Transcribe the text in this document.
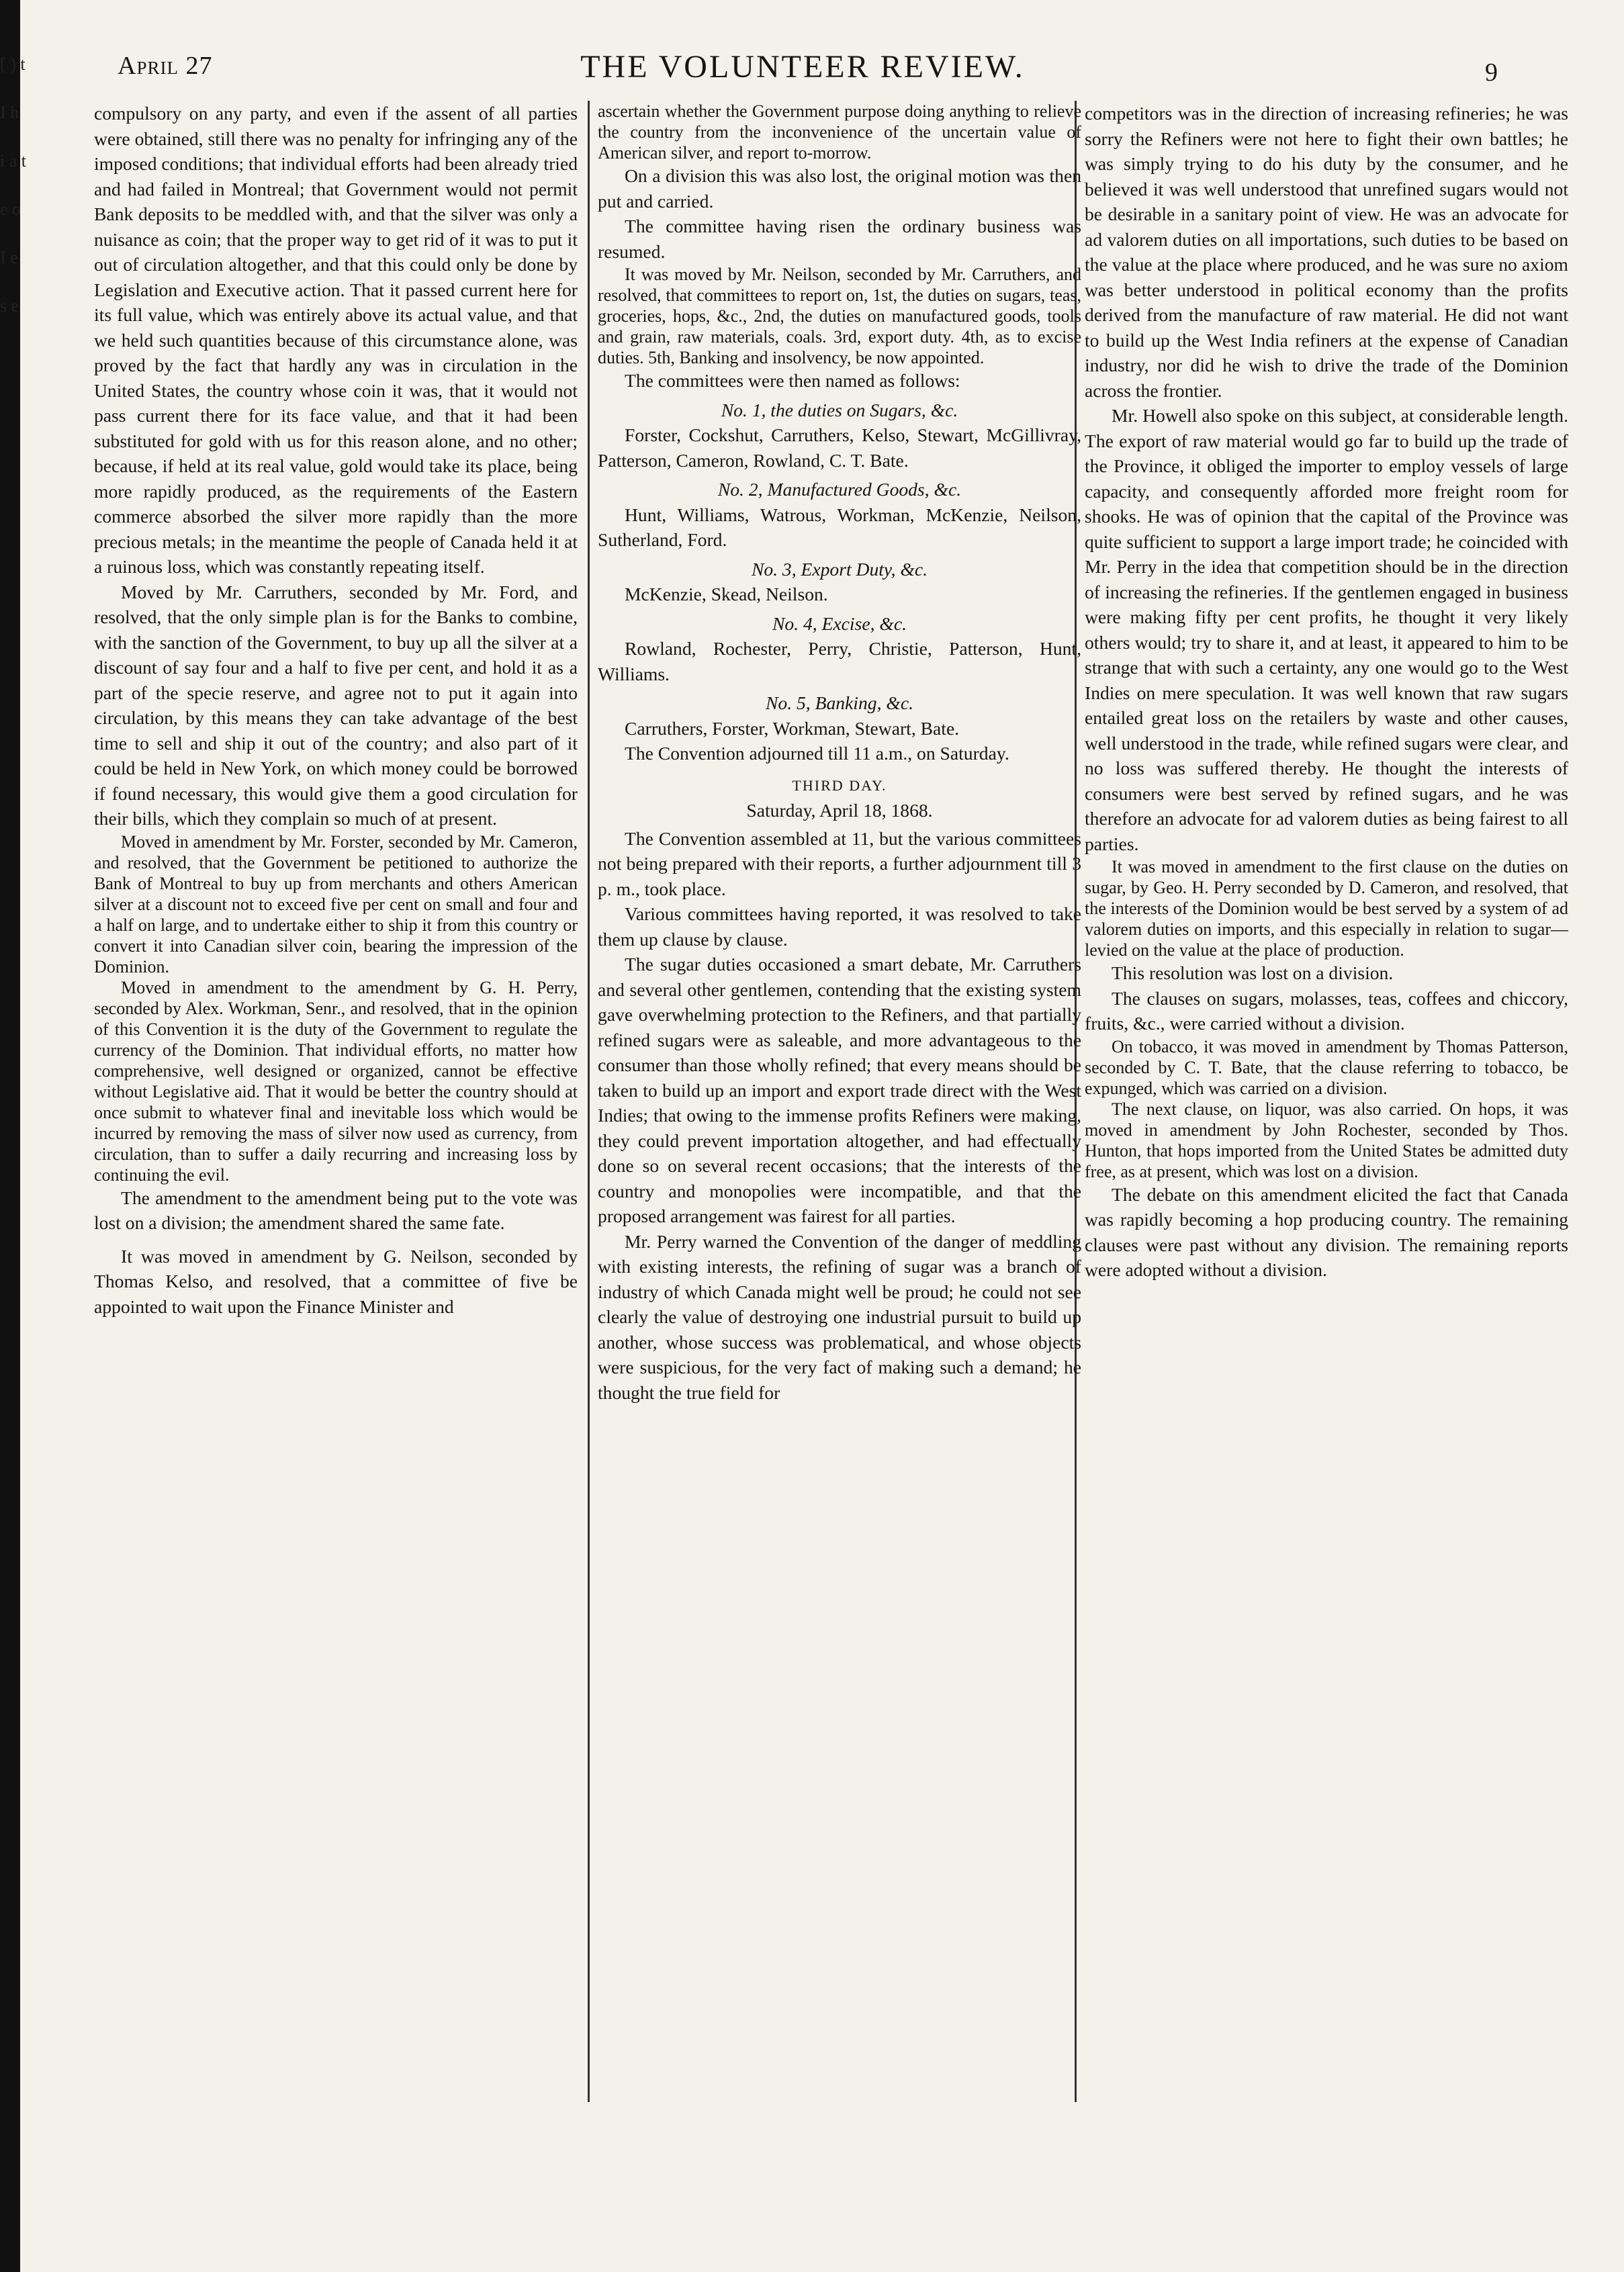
[ ) t I h i a t e o I e s e
April 27	THE VOLUNTEER REVIEW.	9

compulsory on any party, and even if the assent of all parties were obtained, still there was no penalty for infringing any of the imposed conditions; that individual efforts had been already tried and had failed in Montreal; that Government would not permit Bank deposits to be meddled with, and that the silver was only a nuisance as coin; that the proper way to get rid of it was to put it out of circulation altogether, and that this could only be done by Legislation and Executive action. That it passed current here for its full value, which was entirely above its actual value, and that we held such quantities because of this circumstance alone, was proved by the fact that hardly any was in circulation in the United States, the country whose coin it was, that it would not pass current there for its face value, and that it had been substituted for gold with us for this reason alone, and no other; because, if held at its real value, gold would take its place, being more rapidly produced, as the requirements of the Eastern commerce absorbed the silver more rapidly than the more precious metals; in the meantime the people of Canada held it at a ruinous loss, which was constantly repeating itself.

Moved by Mr. Carruthers, seconded by Mr. Ford, and resolved, that the only simple plan is for the Banks to combine, with the sanction of the Government, to buy up all the silver at a discount of say four and a half to five per cent, and hold it as a part of the specie reserve, and agree not to put it again into circulation, by this means they can take advantage of the best time to sell and ship it out of the country; and also part of it could be held in New York, on which money could be borrowed if found necessary, this would give them a good circulation for their bills, which they complain so much of at present.

Moved in amendment by Mr. Forster, seconded by Mr. Cameron, and resolved, that the Government be petitioned to authorize the Bank of Montreal to buy up from merchants and others American silver at a discount not to exceed five per cent on small and four and a half on large, and to undertake either to ship it from this country or convert it into Canadian silver coin, bearing the impression of the Dominion.

Moved in amendment to the amendment by G. H. Perry, seconded by Alex. Workman, Senr., and resolved, that in the opinion of this Convention it is the duty of the Government to regulate the currency of the Dominion. That individual efforts, no matter how comprehensive, well designed or organized, cannot be effective without Legislative aid. That it would be better the country should at once submit to whatever final and inevitable loss which would be incurred by removing the mass of silver now used as currency, from circulation, than to suffer a daily recurring and increasing loss by continuing the evil.

The amendment to the amendment being put to the vote was lost on a division; the amendment shared the same fate.

It was moved in amendment by G. Neilson, seconded by Thomas Kelso, and resolved, that a committee of five be appointed to wait upon the Finance Minister and

ascertain whether the Government purpose doing anything to relieve the country from the inconvenience of the uncertain value of American silver, and report to-morrow.

On a division this was also lost, the original motion was then put and carried.

The committee having risen the ordinary business was resumed.

It was moved by Mr. Neilson, seconded by Mr. Carruthers, and resolved, that committees to report on, 1st, the duties on sugars, teas, groceries, hops, &c., 2nd, the duties on manufactured goods, tools and grain, raw materials, coals. 3rd, export duty. 4th, as to excise duties. 5th, Banking and insolvency, be now appointed.

The committees were then named as follows:

No. 1, the duties on Sugars, &c.

Forster, Cockshut, Carruthers, Kelso, Stewart, McGillivray, Patterson, Cameron, Rowland, C. T. Bate.

No. 2, Manufactured Goods, &c.

Hunt, Williams, Watrous, Workman, McKenzie, Neilson, Sutherland, Ford.

No. 3, Export Duty, &c.

McKenzie, Skead, Neilson.

No. 4, Excise, &c.

Rowland, Rochester, Perry, Christie, Patterson, Hunt, Williams.

No. 5, Banking, &c.

Carruthers, Forster, Workman, Stewart, Bate.

The Convention adjourned till 11 a.m., on Saturday.

THIRD DAY.

Saturday, April 18, 1868.

The Convention assembled at 11, but the various committees not being prepared with their reports, a further adjournment till 3 p. m., took place.

Various committees having reported, it was resolved to take them up clause by clause.

The sugar duties occasioned a smart debate, Mr. Carruthers and several other gentlemen, contending that the existing system gave overwhelming protection to the Refiners, and that partially refined sugars were as saleable, and more advantageous to the consumer than those wholly refined; that every means should be taken to build up an import and export trade direct with the West Indies; that owing to the immense profits Refiners were making, they could prevent importation altogether, and had effectually done so on several recent occasions; that the interests of the country and monopolies were incompatible, and that the proposed arrangement was fairest for all parties.

Mr. Perry warned the Convention of the danger of meddling with existing interests, the refining of sugar was a branch of industry of which Canada might well be proud; he could not see clearly the value of destroying one industrial pursuit to build up another, whose success was problematical, and whose objects were suspicious, for the very fact of making such a demand; he thought the true field for

competitors was in the direction of increasing refineries; he was sorry the Refiners were not here to fight their own battles; he was simply trying to do his duty by the consumer, and he believed it was well understood that unrefined sugars would not be desirable in a sanitary point of view. He was an advocate for ad valorem duties on all importations, such duties to be based on the value at the place where produced, and he was sure no axiom was better understood in political economy than the profits derived from the manufacture of raw material. He did not want to build up the West India refiners at the expense of Canadian industry, nor did he wish to drive the trade of the Dominion across the frontier.

Mr. Howell also spoke on this subject, at considerable length. The export of raw material would go far to build up the trade of the Province, it obliged the importer to employ vessels of large capacity, and consequently afforded more freight room for shooks. He was of opinion that the capital of the Province was quite sufficient to support a large import trade; he coincided with Mr. Perry in the idea that competition should be in the direction of increasing the refineries. If the gentlemen engaged in business were making fifty per cent profits, he thought it very likely others would; try to share it, and at least, it appeared to him to be strange that with such a certainty, any one would go to the West Indies on mere speculation. It was well known that raw sugars entailed great loss on the retailers by waste and other causes, well understood in the trade, while refined sugars were clear, and no loss was suffered thereby. He thought the interests of consumers were best served by refined sugars, and he was therefore an advocate for ad valorem duties as being fairest to all parties.

It was moved in amendment to the first clause on the duties on sugar, by Geo. H. Perry seconded by D. Cameron, and resolved, that the interests of the Dominion would be best served by a system of ad valorem duties on imports, and this especially in relation to sugar—levied on the value at the place of production.

This resolution was lost on a division.

The clauses on sugars, molasses, teas, coffees and chiccory, fruits, &c., were carried without a division.

On tobacco, it was moved in amendment by Thomas Patterson, seconded by C. T. Bate, that the clause referring to tobacco, be expunged, which was carried on a division.

The next clause, on liquor, was also carried. On hops, it was moved in amendment by John Rochester, seconded by Thos. Hunton, that hops imported from the United States be admitted duty free, as at present, which was lost on a division.

The debate on this amendment elicited the fact that Canada was rapidly becoming a hop producing country. The remaining clauses were past without any division. The remaining reports were adopted without a division.
